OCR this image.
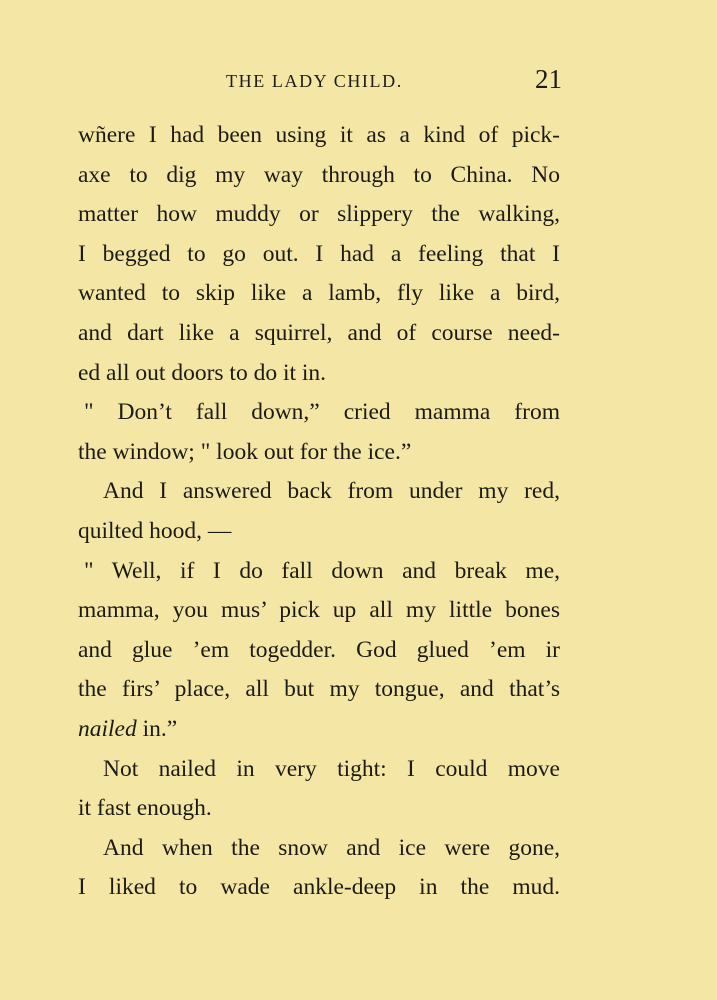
THE LADY CHILD.	21
wñere I had been using it as a kind of pick-
axe to dig my way through to China. No
matter how muddy or slippery the walking,
I begged to go out. I had a feeling that I
wanted to skip like a lamb, fly like a bird,
and dart like a squirrel, and of course need-
ed all out doors to do it in.
" Don’t fall down,” cried mamma from
the window; " look out for the ice.”
And I answered back from under my red,
quilted hood, —
" Well, if I do fall down and break me,
mamma, you mus’ pick up all my little bones
and glue ’em togedder. God glued ’em ir
the firs’ place, all but my tongue, and that’s
nailed in.”
Not nailed in very tight: I could move
it fast enough.
And when the snow and ice were gone,
I liked to wade ankle-deep in the mud.
